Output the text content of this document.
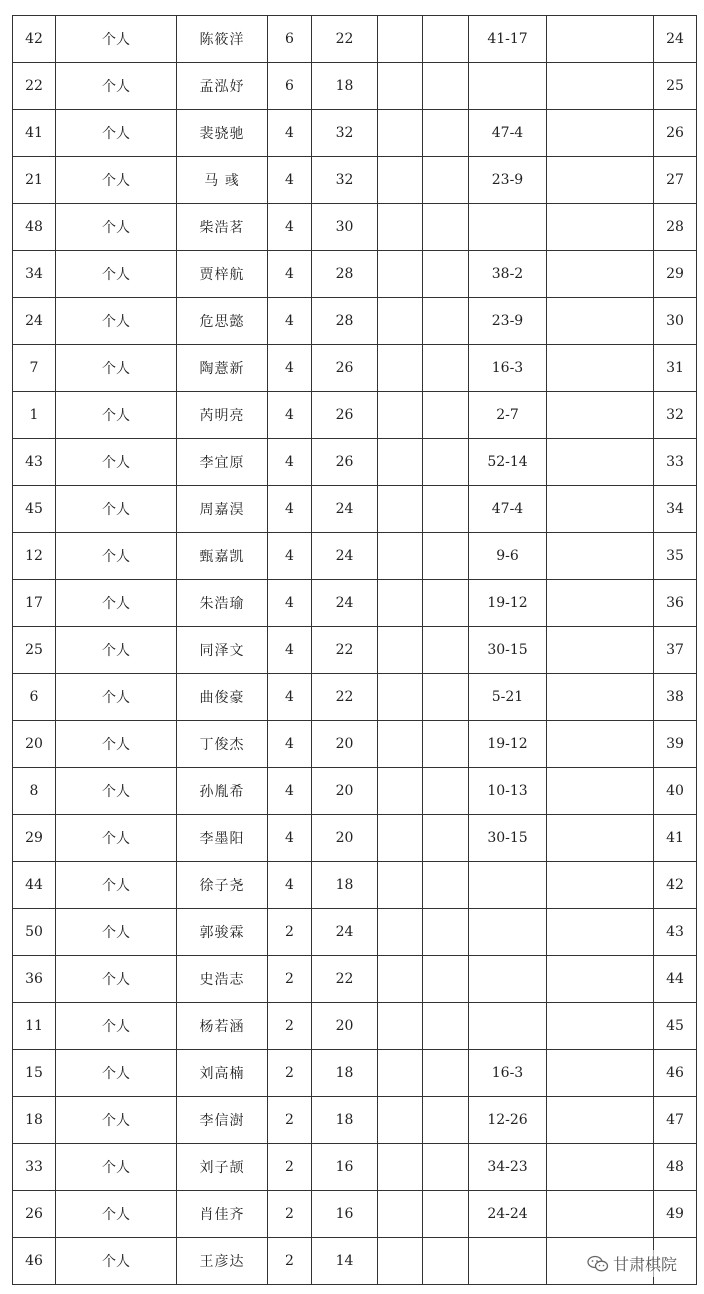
42	个人	陈筱洋	6	22			41-17		24
22	个人	孟泓妤	6	18					25
41	个人	裴骁驰	4	32			47-4		26
21	个人	马 彧	4	32			23-9		27
48	个人	柴浩茗	4	30					28
34	个人	贾梓航	4	28			38-2		29
24	个人	危思懿	4	28			23-9		30
7	个人	陶薏新	4	26			16-3		31
1	个人	芮明亮	4	26			2-7		32
43	个人	李宜原	4	26			52-14		33
45	个人	周嘉淏	4	24			47-4		34
12	个人	甄嘉凯	4	24			9-6		35
17	个人	朱浩瑜	4	24			19-12		36
25	个人	同泽文	4	22			30-15		37
6	个人	曲俊豪	4	22			5-21		38
20	个人	丁俊杰	4	20			19-12		39
8	个人	孙胤希	4	20			10-13		40
29	个人	李墨阳	4	20			30-15		41
44	个人	徐子尧	4	18					42
50	个人	郭骏霖	2	24					43
36	个人	史浩志	2	22					44
11	个人	杨若涵	2	20					45
15	个人	刘高楠	2	18			16-3		46
18	个人	李信澍	2	18			12-26		47
33	个人	刘子颉	2	16			34-23		48
26	个人	肖佳齐	2	16			24-24		49
46	个人	王彦达	2	14						甘肃棋院
